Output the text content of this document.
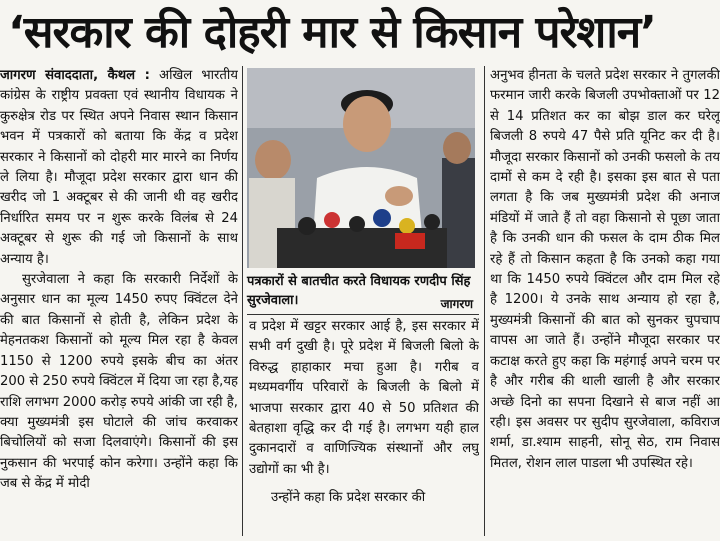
‘सरकार की दोहरी मार से किसान परेशान’

जागरण संवाददाता, कैथल : अखिल भारतीय कांग्रेस के राष्ट्रीय प्रवक्ता एवं स्थानीय विधायक ने कुरुक्षेत्र रोड पर स्थित अपने निवास स्थान किसान भवन में पत्रकारों को बताया कि केंद्र व प्रदेश सरकार ने किसानों को दोहरी मार मारने का निर्णय ले लिया है। मौजूदा प्रदेश सरकार द्वारा धान की खरीद जो 1 अक्टूबर से की जानी थी वह खरीद निर्धारित समय पर न शुरू करके विलंब से 24 अक्टूबर से शुरू की गई जो किसानों के साथ अन्याय है।

सुरजेवाला ने कहा कि सरकारी निर्देशों के अनुसार धान का मूल्य 1450 रुपए क्विंटल देने की बात किसानों से होती है, लेकिन प्रदेश के मेहनतकश किसानों को मूल्य मिल रहा है केवल 1150 से 1200 रुपये इसके बीच का अंतर 200 से 250 रुपये क्विंटल में दिया जा रहा है,यह राशि लगभग 2000 करोड़ रुपये आंकी जा रही है, क्या मुख्यमंत्री इस घोटाले की जांच करवाकर बिचोलियों को सजा दिलवाएंगे। किसानों की इस नुकसान की भरपाई कोन करेगा। उन्होंने कहा कि जब से केंद्र में मोदी

पत्रकारों से बातचीत करते विधायक रणदीप सिंह सुरजेवाला।	जागरण

व प्रदेश में खट्टर सरकार आई है, इस सरकार में सभी वर्ग दुखी है। पूरे प्रदेश में बिजली बिलो के विरुद्ध हाहाकार मचा हुआ है। गरीब व मध्यमवर्गीय परिवारों के बिजली के बिलो में भाजपा सरकार द्वारा 40 से 50 प्रतिशत की बेतहाशा वृद्धि कर दी गई है। लगभग यही हाल दुकानदारों व वाणिज्यिक संस्थानों और लघु उद्योगों का भी है।

उन्होंने कहा कि प्रदेश सरकार की

अनुभव हीनता के चलते प्रदेश सरकार ने तुगलकी फरमान जारी करके बिजली उपभोक्ताओं पर 12 से 14 प्रतिशत कर का बोझ डाल कर घरेलू बिजली 8 रुपये 47 पैसे प्रति यूनिट कर दी है। मौजूदा सरकार किसानों को उनकी फसलो के तय दामों से कम दे रही है। इसका इस बात से पता लगता है कि जब मुख्यमंत्री प्रदेश की अनाज मंडियों में जाते हैं तो वहा किसानो से पूछा जाता है कि उनकी धान की फसल के दाम ठीक मिल रहे हैं तो किसान कहता है कि उनको कहा गया था कि 1450 रुपये क्विंटल और दाम मिल रहे है 1200। ये उनके साथ अन्याय हो रहा है, मुख्यमंत्री किसानों की बात को सुनकर चुपचाप वापस आ जाते हैं। उन्होंने मौजूदा सरकार पर कटाक्ष करते हुए कहा कि महंगाई अपने चरम पर है और गरीब की थाली खाली है और सरकार अच्छे दिनो का सपना दिखाने से बाज नहीं आ रही। इस अवसर पर सुदीप सुरजेवाला, कविराज शर्मा, डा.श्याम साहनी, सोनू सेठ, राम निवास मितल, रोशन लाल पाडला भी उपस्थित रहे।
